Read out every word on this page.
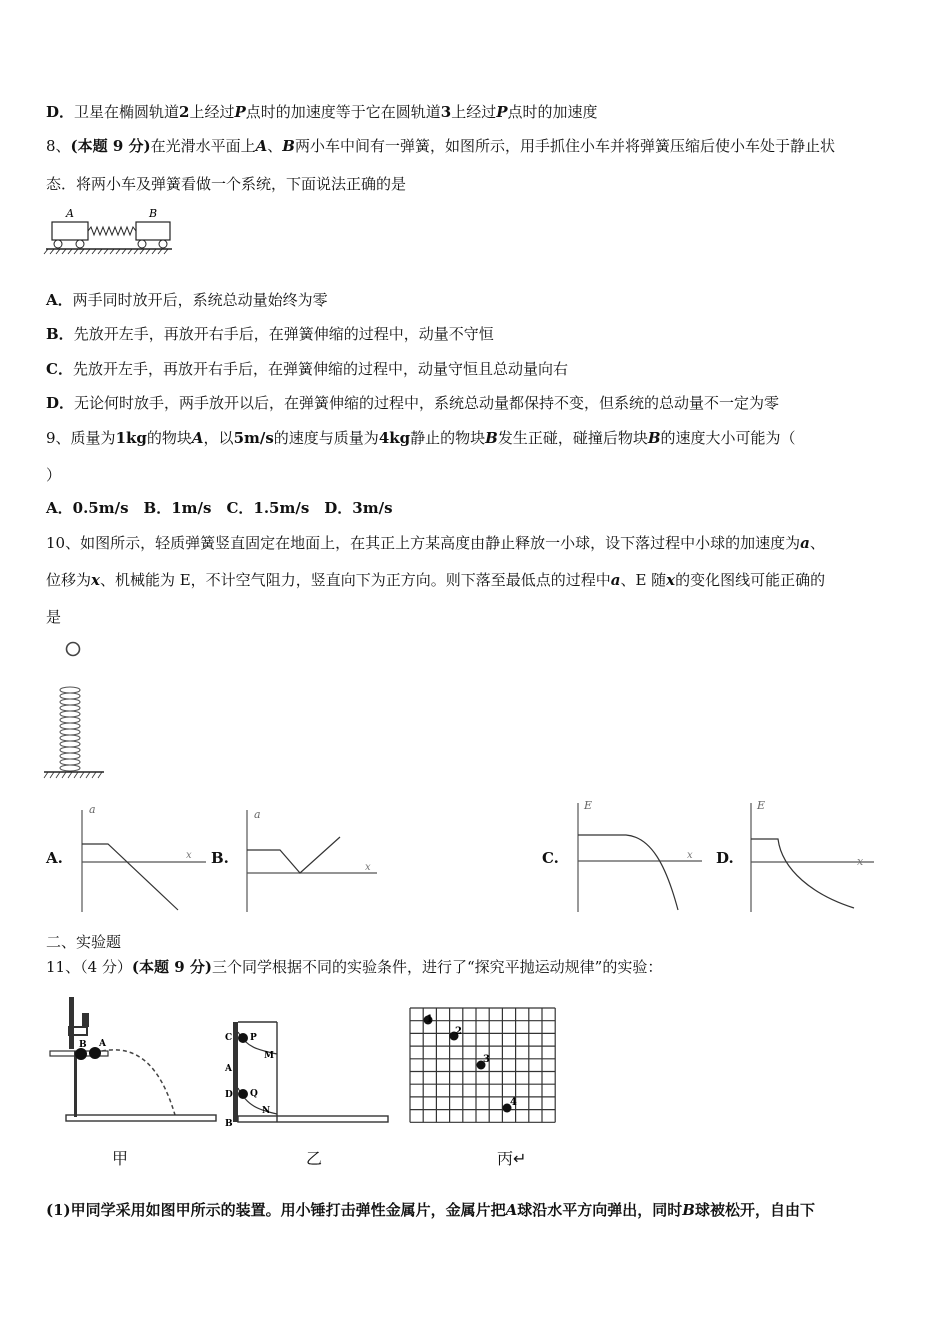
D．卫星在椭圆轨道2上经过P点时的加速度等于它在圆轨道3上经过P点时的加速度
8、(本题 9 分)在光滑水平面上A、B两小车中间有一弹簧，如图所示，用手抓住小车并将弹簧压缩后使小车处于静止状
态．将两小车及弹簧看做一个系统，下面说法正确的是
A	B
A．两手同时放开后，系统总动量始终为零
B．先放开左手，再放开右手后，在弹簧伸缩的过程中，动量不守恒
C．先放开左手，再放开右手后，在弹簧伸缩的过程中，动量守恒且总动量向右
D．无论何时放手，两手放开以后，在弹簧伸缩的过程中，系统总动量都保持不变，但系统的总动量不一定为零
9、质量为1kg的物块A，以5m/s的速度与质量为4kg静止的物块B发生正碰，碰撞后物块B的速度大小可能为（
）
A．0.5m/s　B．1m/s　C．1.5m/s　D．3m/s
10、如图所示，轻质弹簧竖直固定在地面上，在其正上方某高度由静止释放一小球，设下落过程中小球的加速度为a、
位移为x、机械能为 E，不计空气阻力，竖直向下为正方向。则下落至最低点的过程中a、E 随x的变化图线可能正确的
是
A.
a
x B.
a
x
C.
E
x D.
E
x
二、实验题
11、（4 分）(本题 9 分)三个同学根据不同的实验条件，进行了“探究平抛运动规律”的实验：
B A
C P
M
A
D Q
N
B
1
2
3
4
甲	乙	丙↵
(1)甲同学采用如图甲所示的装置。用小锤打击弹性金属片，金属片把A球沿水平方向弹出，同时B球被松开，自由下
